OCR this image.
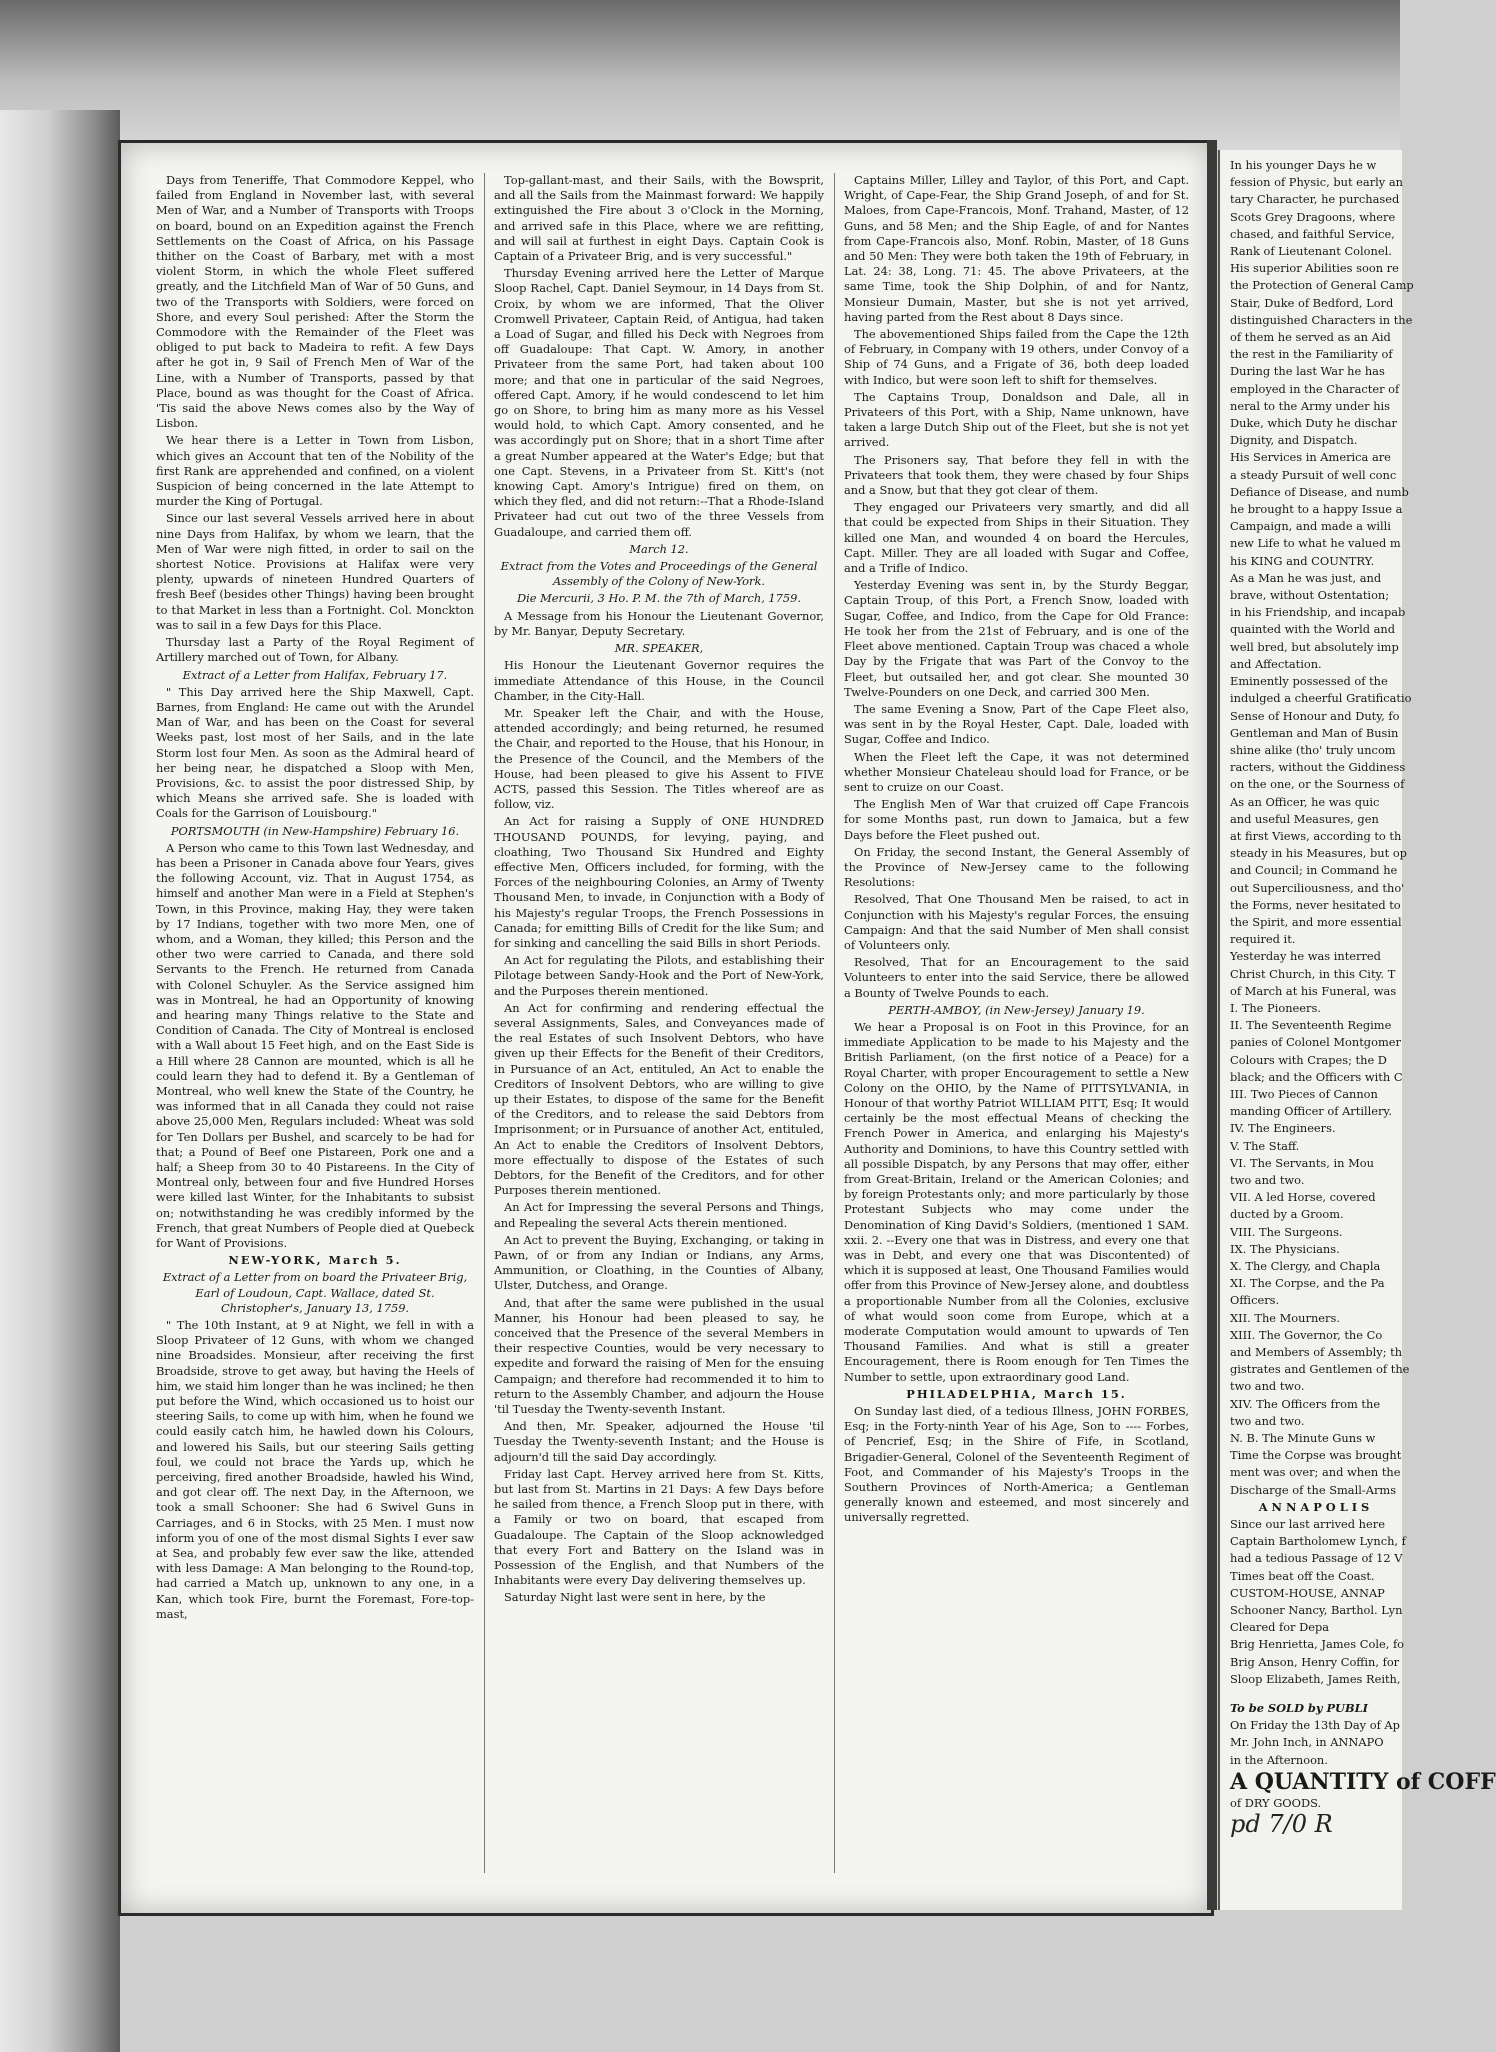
Days from Teneriffe, That Commodore Keppel, who failed from England in November last, with several Men of War, and a Number of Transports with Troops on board, bound on an Expedition against the French Settlements on the Coast of Africa, on his Passage thither on the Coast of Barbary, met with a most violent Storm, in which the whole Fleet suffered greatly, and the Litchfield Man of War of 50 Guns, and two of the Transports with Soldiers, were forced on Shore, and every Soul perished: After the Storm the Commodore with the Remainder of the Fleet was obliged to put back to Madeira to refit. A few Days after he got in, 9 Sail of French Men of War of the Line, with a Number of Transports, passed by that Place, bound as was thought for the Coast of Africa. 'Tis said the above News comes also by the Way of Lisbon.

We hear there is a Letter in Town from Lisbon, which gives an Account that ten of the Nobility of the first Rank are apprehended and confined, on a violent Suspicion of being concerned in the late Attempt to murder the King of Portugal.

Since our last several Vessels arrived here in about nine Days from Halifax, by whom we learn, that the Men of War were nigh fitted, in order to sail on the shortest Notice. Provisions at Halifax were very plenty, upwards of nineteen Hundred Quarters of fresh Beef (besides other Things) having been brought to that Market in less than a Fortnight. Col. Monckton was to sail in a few Days for this Place.

Thursday last a Party of the Royal Regiment of Artillery marched out of Town, for Albany.

Extract of a Letter from Halifax, February 17.

" This Day arrived here the Ship Maxwell, Capt. Barnes, from England: He came out with the Arundel Man of War, and has been on the Coast for several Weeks past, lost most of her Sails, and in the late Storm lost four Men. As soon as the Admiral heard of her being near, he dispatched a Sloop with Men, Provisions, &c. to assist the poor distressed Ship, by which Means she arrived safe. She is loaded with Coals for the Garrison of Louisbourg."

PORTSMOUTH (in New-Hampshire) February 16.

A Person who came to this Town last Wednesday, and has been a Prisoner in Canada above four Years, gives the following Account, viz. That in August 1754, as himself and another Man were in a Field at Stephen's Town, in this Province, making Hay, they were taken by 17 Indians, together with two more Men, one of whom, and a Woman, they killed; this Person and the other two were carried to Canada, and there sold Servants to the French. He returned from Canada with Colonel Schuyler. As the Service assigned him was in Montreal, he had an Opportunity of knowing and hearing many Things relative to the State and Condition of Canada. The City of Montreal is enclosed with a Wall about 15 Feet high, and on the East Side is a Hill where 28 Cannon are mounted, which is all he could learn they had to defend it. By a Gentleman of Montreal, who well knew the State of the Country, he was informed that in all Canada they could not raise above 25,000 Men, Regulars included: Wheat was sold for Ten Dollars per Bushel, and scarcely to be had for that; a Pound of Beef one Pistareen, Pork one and a half; a Sheep from 30 to 40 Pistareens. In the City of Montreal only, between four and five Hundred Horses were killed last Winter, for the Inhabitants to subsist on; notwithstanding he was credibly informed by the French, that great Numbers of People died at Quebeck for Want of Provisions.

NEW-YORK, March 5.

Extract of a Letter from on board the Privateer Brig, Earl of Loudoun, Capt. Wallace, dated St. Christopher's, January 13, 1759.

" The 10th Instant, at 9 at Night, we fell in with a Sloop Privateer of 12 Guns, with whom we changed nine Broadsides. Monsieur, after receiving the first Broadside, strove to get away, but having the Heels of him, we staid him longer than he was inclined; he then put before the Wind, which occasioned us to hoist our steering Sails, to come up with him, when he found we could easily catch him, he hawled down his Colours, and lowered his Sails, but our steering Sails getting foul, we could not brace the Yards up, which he perceiving, fired another Broadside, hawled his Wind, and got clear off. The next Day, in the Afternoon, we took a small Schooner: She had 6 Swivel Guns in Carriages, and 6 in Stocks, with 25 Men. I must now inform you of one of the most dismal Sights I ever saw at Sea, and probably few ever saw the like, attended with less Damage: A Man belonging to the Round-top, had carried a Match up, unknown to any one, in a Kan, which took Fire, burnt the Foremast, Fore-top-mast,

Top-gallant-mast, and their Sails, with the Bowsprit, and all the Sails from the Mainmast forward: We happily extinguished the Fire about 3 o'Clock in the Morning, and arrived safe in this Place, where we are refitting, and will sail at furthest in eight Days. Captain Cook is Captain of a Privateer Brig, and is very successful."

Thursday Evening arrived here the Letter of Marque Sloop Rachel, Capt. Daniel Seymour, in 14 Days from St. Croix, by whom we are informed, That the Oliver Cromwell Privateer, Captain Reid, of Antigua, had taken a Load of Sugar, and filled his Deck with Negroes from off Guadaloupe: That Capt. W. Amory, in another Privateer from the same Port, had taken about 100 more; and that one in particular of the said Negroes, offered Capt. Amory, if he would condescend to let him go on Shore, to bring him as many more as his Vessel would hold, to which Capt. Amory consented, and he was accordingly put on Shore; that in a short Time after a great Number appeared at the Water's Edge; but that one Capt. Stevens, in a Privateer from St. Kitt's (not knowing Capt. Amory's Intrigue) fired on them, on which they fled, and did not return:--That a Rhode-Island Privateer had cut out two of the three Vessels from Guadaloupe, and carried them off.

March 12.

Extract from the Votes and Proceedings of the General Assembly of the Colony of New-York.

Die Mercurii, 3 Ho. P. M. the 7th of March, 1759.

A Message from his Honour the Lieutenant Governor, by Mr. Banyar, Deputy Secretary.

MR. SPEAKER,

His Honour the Lieutenant Governor requires the immediate Attendance of this House, in the Council Chamber, in the City-Hall.

Mr. Speaker left the Chair, and with the House, attended accordingly; and being returned, he resumed the Chair, and reported to the House, that his Honour, in the Presence of the Council, and the Members of the House, had been pleased to give his Assent to FIVE ACTS, passed this Session. The Titles whereof are as follow, viz.

An Act for raising a Supply of ONE HUNDRED THOUSAND POUNDS, for levying, paying, and cloathing, Two Thousand Six Hundred and Eighty effective Men, Officers included, for forming, with the Forces of the neighbouring Colonies, an Army of Twenty Thousand Men, to invade, in Conjunction with a Body of his Majesty's regular Troops, the French Possessions in Canada; for emitting Bills of Credit for the like Sum; and for sinking and cancelling the said Bills in short Periods.

An Act for regulating the Pilots, and establishing their Pilotage between Sandy-Hook and the Port of New-York, and the Purposes therein mentioned.

An Act for confirming and rendering effectual the several Assignments, Sales, and Conveyances made of the real Estates of such Insolvent Debtors, who have given up their Effects for the Benefit of their Creditors, in Pursuance of an Act, entituled, An Act to enable the Creditors of Insolvent Debtors, who are willing to give up their Estates, to dispose of the same for the Benefit of the Creditors, and to release the said Debtors from Imprisonment; or in Pursuance of another Act, entituled, An Act to enable the Creditors of Insolvent Debtors, more effectually to dispose of the Estates of such Debtors, for the Benefit of the Creditors, and for other Purposes therein mentioned.

An Act for Impressing the several Persons and Things, and Repealing the several Acts therein mentioned.

An Act to prevent the Buying, Exchanging, or taking in Pawn, of or from any Indian or Indians, any Arms, Ammunition, or Cloathing, in the Counties of Albany, Ulster, Dutchess, and Orange.

And, that after the same were published in the usual Manner, his Honour had been pleased to say, he conceived that the Presence of the several Members in their respective Counties, would be very necessary to expedite and forward the raising of Men for the ensuing Campaign; and therefore had recommended it to him to return to the Assembly Chamber, and adjourn the House 'til Tuesday the Twenty-seventh Instant.

And then, Mr. Speaker, adjourned the House 'til Tuesday the Twenty-seventh Instant; and the House is adjourn'd till the said Day accordingly.

Friday last Capt. Hervey arrived here from St. Kitts, but last from St. Martins in 21 Days: A few Days before he sailed from thence, a French Sloop put in there, with a Family or two on board, that escaped from Guadaloupe. The Captain of the Sloop acknowledged that every Fort and Battery on the Island was in Possession of the English, and that Numbers of the Inhabitants were every Day delivering themselves up.

Saturday Night last were sent in here, by the

Captains Miller, Lilley and Taylor, of this Port, and Capt. Wright, of Cape-Fear, the Ship Grand Joseph, of and for St. Maloes, from Cape-Francois, Monf. Trahand, Master, of 12 Guns, and 58 Men; and the Ship Eagle, of and for Nantes from Cape-Francois also, Monf. Robin, Master, of 18 Guns and 50 Men: They were both taken the 19th of February, in Lat. 24: 38, Long. 71: 45. The above Privateers, at the same Time, took the Ship Dolphin, of and for Nantz, Monsieur Dumain, Master, but she is not yet arrived, having parted from the Rest about 8 Days since.

The abovementioned Ships failed from the Cape the 12th of February, in Company with 19 others, under Convoy of a Ship of 74 Guns, and a Frigate of 36, both deep loaded with Indico, but were soon left to shift for themselves.

The Captains Troup, Donaldson and Dale, all in Privateers of this Port, with a Ship, Name unknown, have taken a large Dutch Ship out of the Fleet, but she is not yet arrived.

The Prisoners say, That before they fell in with the Privateers that took them, they were chased by four Ships and a Snow, but that they got clear of them.

They engaged our Privateers very smartly, and did all that could be expected from Ships in their Situation. They killed one Man, and wounded 4 on board the Hercules, Capt. Miller. They are all loaded with Sugar and Coffee, and a Trifle of Indico.

Yesterday Evening was sent in, by the Sturdy Beggar, Captain Troup, of this Port, a French Snow, loaded with Sugar, Coffee, and Indico, from the Cape for Old France: He took her from the 21st of February, and is one of the Fleet above mentioned. Captain Troup was chaced a whole Day by the Frigate that was Part of the Convoy to the Fleet, but outsailed her, and got clear. She mounted 30 Twelve-Pounders on one Deck, and carried 300 Men.

The same Evening a Snow, Part of the Cape Fleet also, was sent in by the Royal Hester, Capt. Dale, loaded with Sugar, Coffee and Indico.

When the Fleet left the Cape, it was not determined whether Monsieur Chateleau should load for France, or be sent to cruize on our Coast.

The English Men of War that cruized off Cape Francois for some Months past, run down to Jamaica, but a few Days before the Fleet pushed out.

On Friday, the second Instant, the General Assembly of the Province of New-Jersey came to the following Resolutions:

Resolved, That One Thousand Men be raised, to act in Conjunction with his Majesty's regular Forces, the ensuing Campaign: And that the said Number of Men shall consist of Volunteers only.

Resolved, That for an Encouragement to the said Volunteers to enter into the said Service, there be allowed a Bounty of Twelve Pounds to each.

PERTH-AMBOY, (in New-Jersey) January 19.

We hear a Proposal is on Foot in this Province, for an immediate Application to be made to his Majesty and the British Parliament, (on the first notice of a Peace) for a Royal Charter, with proper Encouragement to settle a New Colony on the OHIO, by the Name of PITTSYLVANIA, in Honour of that worthy Patriot WILLIAM PITT, Esq; It would certainly be the most effectual Means of checking the French Power in America, and enlarging his Majesty's Authority and Dominions, to have this Country settled with all possible Dispatch, by any Persons that may offer, either from Great-Britain, Ireland or the American Colonies; and by foreign Protestants only; and more particularly by those Protestant Subjects who may come under the Denomination of King David's Soldiers, (mentioned 1 SAM. xxii. 2. --Every one that was in Distress, and every one that was in Debt, and every one that was Discontented) of which it is supposed at least, One Thousand Families would offer from this Province of New-Jersey alone, and doubtless a proportionable Number from all the Colonies, exclusive of what would soon come from Europe, which at a moderate Computation would amount to upwards of Ten Thousand Families. And what is still a greater Encouragement, there is Room enough for Ten Times the Number to settle, upon extraordinary good Land.

PHILADELPHIA, March 15.

On Sunday last died, of a tedious Illness, JOHN FORBES, Esq; in the Forty-ninth Year of his Age, Son to ---- Forbes, of Pencrief, Esq; in the Shire of Fife, in Scotland, Brigadier-General, Colonel of the Seventeenth Regiment of Foot, and Commander of his Majesty's Troops in the Southern Provinces of North-America; a Gentleman generally known and esteemed, and most sincerely and universally regretted.

In his younger Days he w

fession of Physic, but early an

tary Character, he purchased

Scots Grey Dragoons, where

chased, and faithful Service,

Rank of Lieutenant Colonel.

His superior Abilities soon re

the Protection of General Camp

Stair, Duke of Bedford, Lord

distinguished Characters in the

of them he served as an Aid

the rest in the Familiarity of

During the last War he has

employed in the Character of

neral to the Army under his

Duke, which Duty he dischar

Dignity, and Dispatch.

His Services in America are

a steady Pursuit of well conc

Defiance of Disease, and numb

he brought to a happy Issue a

Campaign, and made a willi

new Life to what he valued m

his KING and COUNTRY.

As a Man he was just, and

brave, without Ostentation;

in his Friendship, and incapab

quainted with the World and

well bred, but absolutely imp

and Affectation.

Eminently possessed of the

indulged a cheerful Gratificatio

Sense of Honour and Duty, fo

Gentleman and Man of Busin

shine alike (tho' truly uncom

racters, without the Giddiness

on the one, or the Sourness of

As an Officer, he was quic

and useful Measures, gen

at first Views, according to th

steady in his Measures, but op

and Council; in Command he

out Superciliousness, and tho'

the Forms, never hesitated to

the Spirit, and more essential

required it.

Yesterday he was interred

Christ Church, in this City. T

of March at his Funeral, was

I. The Pioneers.

II. The Seventeenth Regime

panies of Colonel Montgomer

Colours with Crapes; the D

black; and the Officers with C

III. Two Pieces of Cannon

manding Officer of Artillery.

IV. The Engineers.

V. The Staff.

VI. The Servants, in Mou

two and two.

VII. A led Horse, covered

ducted by a Groom.

VIII. The Surgeons.

IX. The Physicians.

X. The Clergy, and Chapla

XI. The Corpse, and the Pa

Officers.

XII. The Mourners.

XIII. The Governor, the Co

and Members of Assembly; th

gistrates and Gentlemen of the

two and two.

XIV. The Officers from the

two and two.

N. B. The Minute Guns w

Time the Corpse was brought

ment was over; and when the

Discharge of the Small-Arms

ANNAPOLIS

Since our last arrived here

Captain Bartholomew Lynch, f

had a tedious Passage of 12 V

Times beat off the Coast.

CUSTOM-HOUSE, ANNAP

Schooner Nancy, Barthol. Lyn

Cleared for Depa

Brig Henrietta, James Cole, fo

Brig Anson, Henry Coffin, for

Sloop Elizabeth, James Reith,

To be SOLD by PUBLI

On Friday the 13th Day of Ap

Mr. John Inch, in ANNAPO

in the Afternoon.

A QUANTITY of COFF

of DRY GOODS.

pd 7/0 R
